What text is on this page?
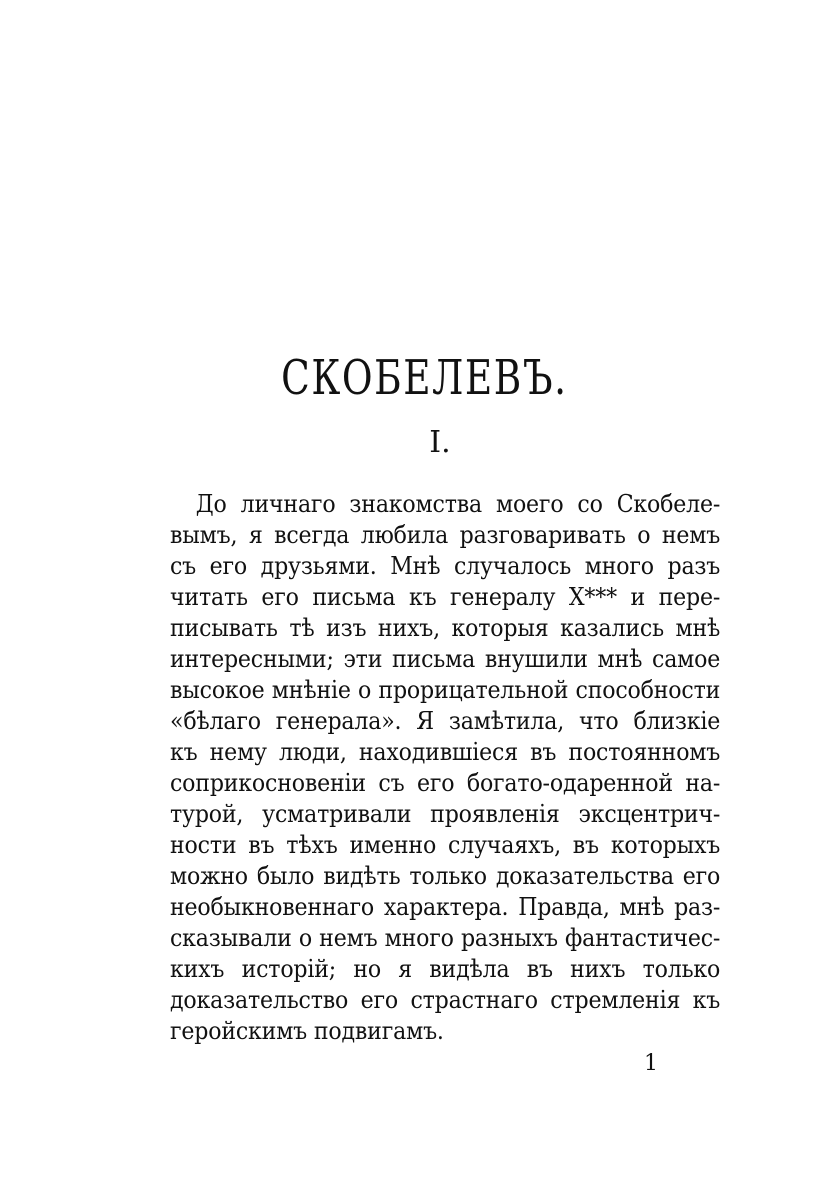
СКОБЕЛЕВЪ.
I.
До личнаго знакомства моего со Скобеле-
вымъ, я всегда любила разговаривать о немъ
съ его друзьями. Мнѣ случалось много разъ
читать его письма къ генералу X*** и пере-
писывать тѣ изъ нихъ, которыя казались мнѣ
интересными; эти письма внушили мнѣ самое
высокое мнѣніе о прорицательной способности
«бѣлаго генерала». Я замѣтила, что близкіе
къ нему люди, находившіеся въ постоянномъ
соприкосновеніи съ его богато-одаренной на-
турой, усматривали проявленія эксцентрич-
ности въ тѣхъ именно случаяхъ, въ которыхъ
можно было видѣть только доказательства его
необыкновеннаго характера. Правда, мнѣ раз-
сказывали о немъ много разныхъ фантастичес-
кихъ исторій; но я видѣла въ нихъ только
доказательство его страстнаго стремленія къ
геройскимъ подвигамъ.
1
